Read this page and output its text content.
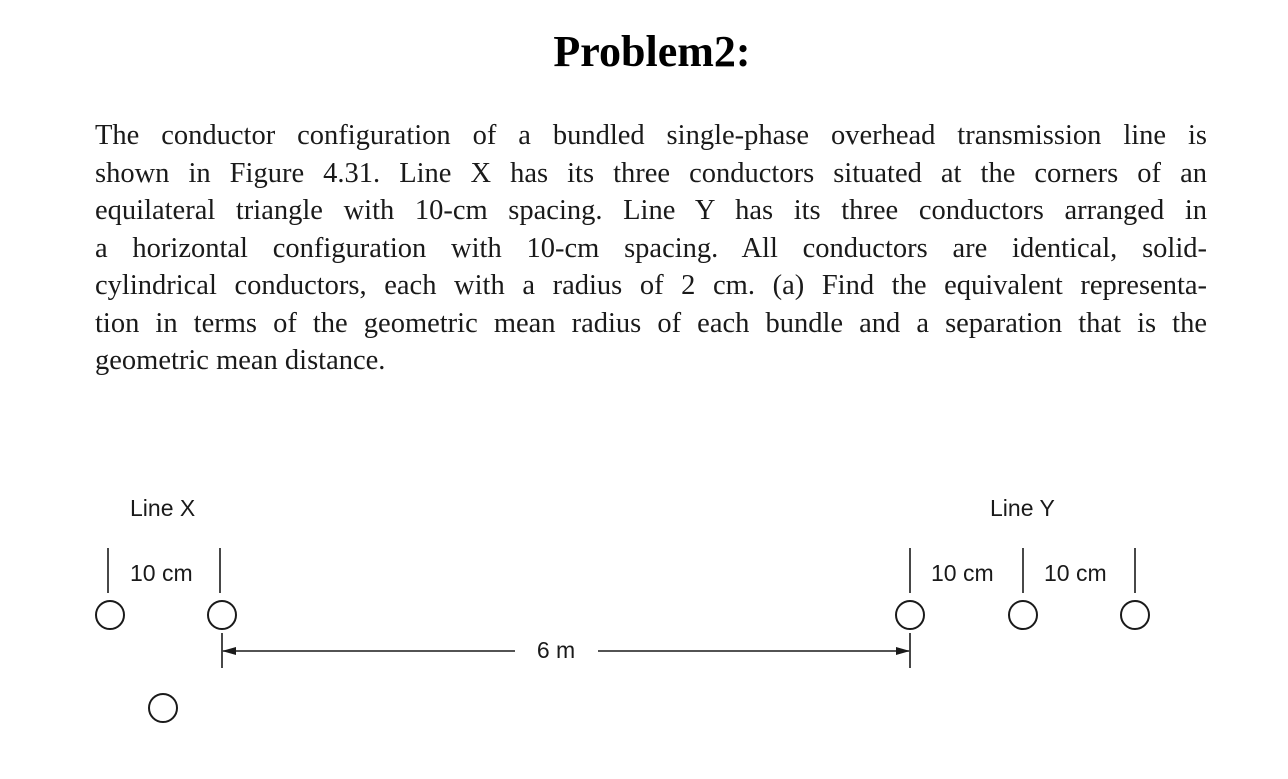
Problem2:
The conductor configuration of a bundled single-phase overhead transmission line is
shown in Figure 4.31. Line X has its three conductors situated at the corners of an
equilateral triangle with 10-cm spacing. Line Y has its three conductors arranged in
a horizontal configuration with 10-cm spacing. All conductors are identical, solid-
cylindrical conductors, each with a radius of 2 cm. (a) Find the equivalent representa-
tion in terms of the geometric mean radius of each bundle and a separation that is the
geometric mean distance.
Line X
10 cm
6 m
Line Y
10 cm 10 cm
